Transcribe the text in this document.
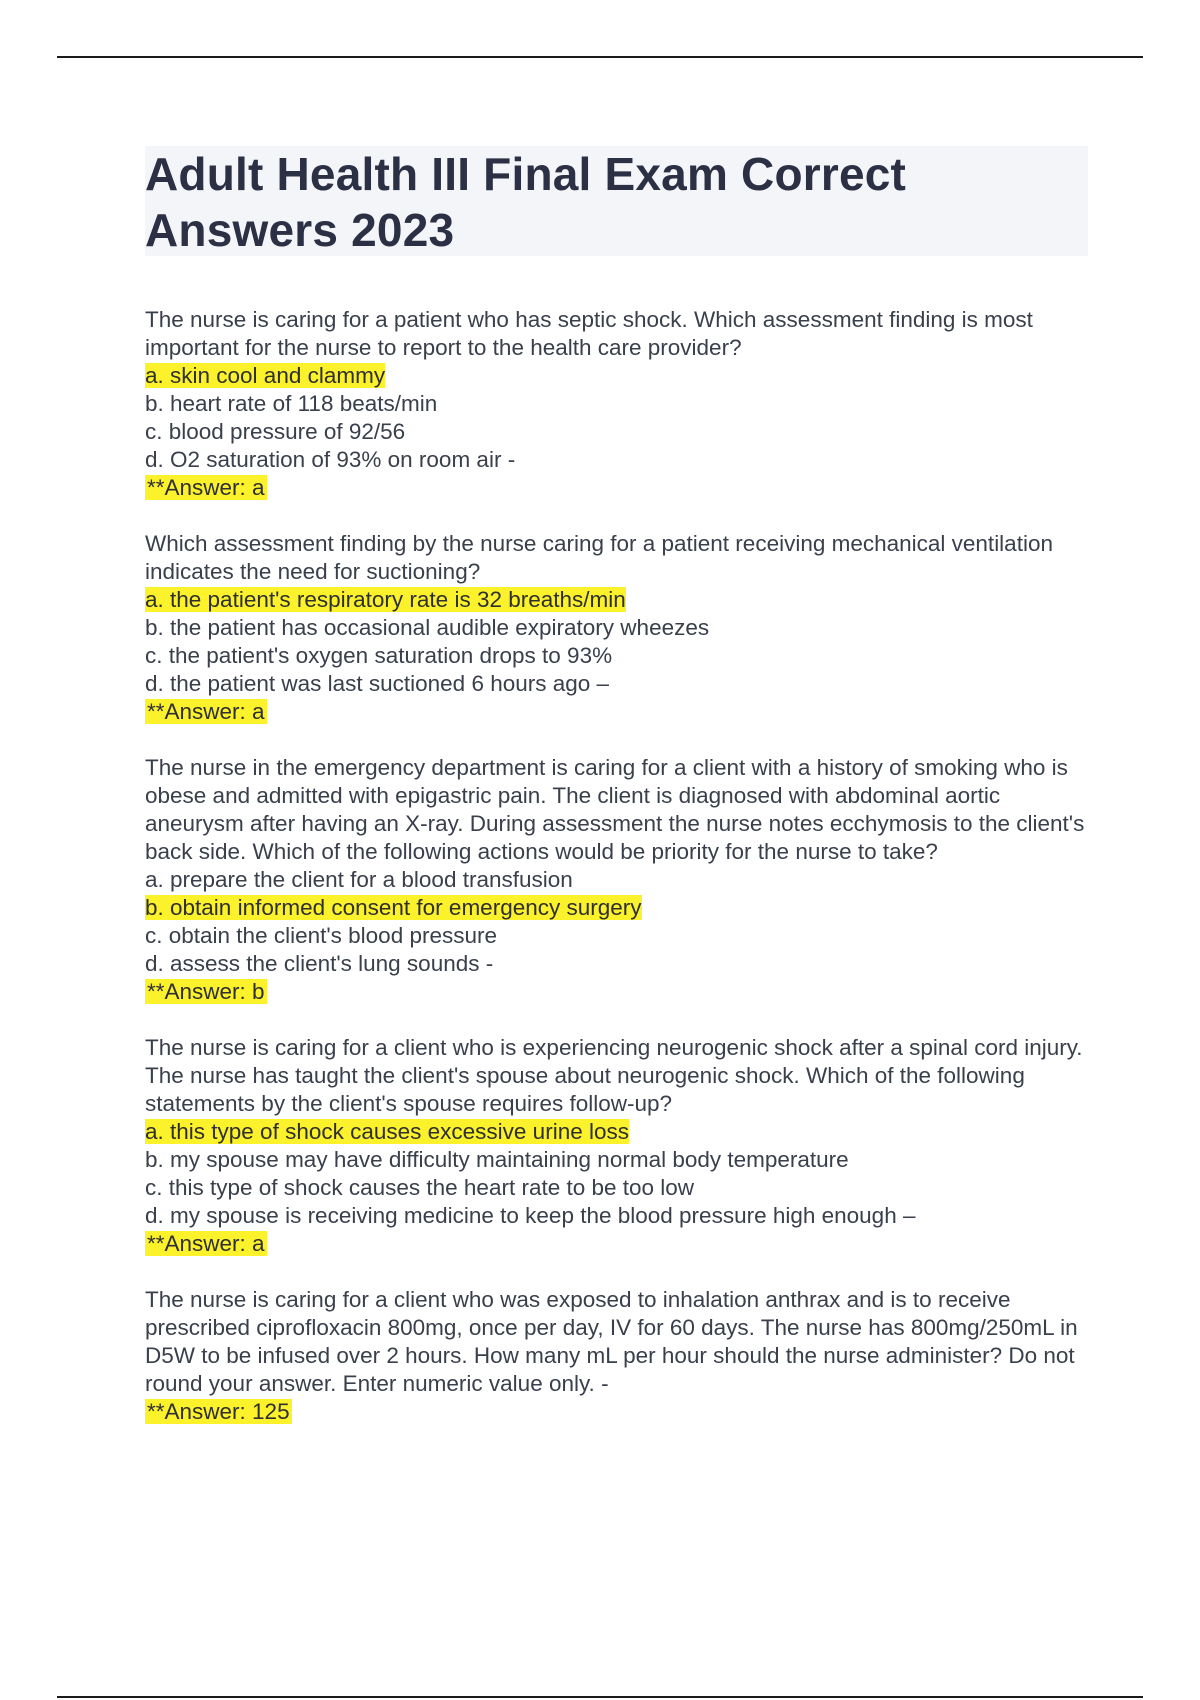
Adult Health III Final Exam Correct Answers 2023

The nurse is caring for a patient who has septic shock. Which assessment finding is most important for the nurse to report to the health care provider?

a. skin cool and clammy

b. heart rate of 118 beats/min

c. blood pressure of 92/56

d. O2 saturation of 93% on room air -

**Answer: a

Which assessment finding by the nurse caring for a patient receiving mechanical ventilation indicates the need for suctioning?

a. the patient's respiratory rate is 32 breaths/min

b. the patient has occasional audible expiratory wheezes

c. the patient's oxygen saturation drops to 93%

d. the patient was last suctioned 6 hours ago –

**Answer: a

The nurse in the emergency department is caring for a client with a history of smoking who is obese and admitted with epigastric pain. The client is diagnosed with abdominal aortic aneurysm after having an X-ray. During assessment the nurse notes ecchymosis to the client's back side. Which of the following actions would be priority for the nurse to take?

a. prepare the client for a blood transfusion

b. obtain informed consent for emergency surgery

c. obtain the client's blood pressure

d. assess the client's lung sounds -

**Answer: b

The nurse is caring for a client who is experiencing neurogenic shock after a spinal cord injury. The nurse has taught the client's spouse about neurogenic shock. Which of the following statements by the client's spouse requires follow-up?

a. this type of shock causes excessive urine loss

b. my spouse may have difficulty maintaining normal body temperature

c. this type of shock causes the heart rate to be too low

d. my spouse is receiving medicine to keep the blood pressure high enough –

**Answer: a

The nurse is caring for a client who was exposed to inhalation anthrax and is to receive prescribed ciprofloxacin 800mg, once per day, IV for 60 days. The nurse has 800mg/250mL in D5W to be infused over 2 hours. How many mL per hour should the nurse administer? Do not round your answer. Enter numeric value only. -

**Answer: 125
